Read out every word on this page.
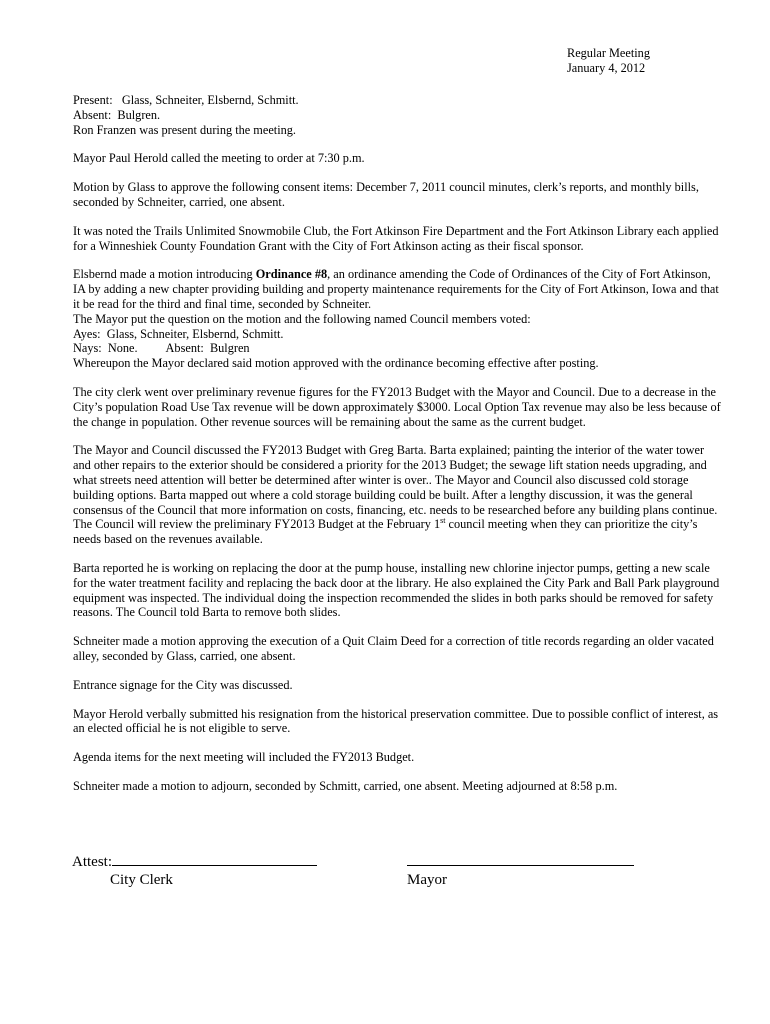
Regular Meeting
January 4, 2012

Present:   Glass, Schneiter, Elsbernd, Schmitt.

Absent:  Bulgren.

Ron Franzen was present during the meeting.

Mayor Paul Herold called the meeting to order at 7:30 p.m.

Motion by Glass to approve the following consent items: December 7, 2011 council minutes, clerk’s reports, and monthly bills, seconded by Schneiter, carried, one absent.

It was noted the Trails Unlimited Snowmobile Club, the Fort Atkinson Fire Department and the Fort Atkinson Library each applied for a Winneshiek County Foundation Grant with the City of Fort Atkinson acting as their fiscal sponsor.

Elsbernd made a motion introducing Ordinance #8, an ordinance amending the Code of Ordinances of the City of Fort Atkinson, IA by adding a new chapter providing building and property maintenance requirements for the City of Fort Atkinson, Iowa and that it be read for the third and final time, seconded by Schneiter.

The Mayor put the question on the motion and the following named Council members voted:

Ayes:  Glass, Schneiter, Elsbernd, Schmitt.

Nays:  None. Absent:  Bulgren

Whereupon the Mayor declared said motion approved with the ordinance becoming effective after posting.

The city clerk went over preliminary revenue figures for the FY2013 Budget with the Mayor and Council. Due to a decrease in the City’s population Road Use Tax revenue will be down approximately $3000. Local Option Tax revenue may also be less because of the change in population. Other revenue sources will be remaining about the same as the current budget.

The Mayor and Council discussed the FY2013 Budget with Greg Barta. Barta explained; painting the interior of the water tower and other repairs to the exterior should be considered a priority for the 2013 Budget; the sewage lift station needs upgrading, and what streets need attention will better be determined after winter is over.. The Mayor and Council also discussed cold storage building options. Barta mapped out where a cold storage building could be built. After a lengthy discussion, it was the general consensus of the Council that more information on costs, financing, etc. needs to be researched before any building plans continue. The Council will review the preliminary FY2013 Budget at the February 1st council meeting when they can prioritize the city’s needs based on the revenues available.

Barta reported he is working on replacing the door at the pump house, installing new chlorine injector pumps, getting a new scale for the water treatment facility and replacing the back door at the library. He also explained the City Park and Ball Park playground equipment was inspected. The individual doing the inspection recommended the slides in both parks should be removed for safety reasons. The Council told Barta to remove both slides.

Schneiter made a motion approving the execution of a Quit Claim Deed for a correction of title records regarding an older vacated alley, seconded by Glass, carried, one absent.

Entrance signage for the City was discussed.

Mayor Herold verbally submitted his resignation from the historical preservation committee. Due to possible conflict of interest, as an elected official he is not eligible to serve.

Agenda items for the next meeting will included the FY2013 Budget.

Schneiter made a motion to adjourn, seconded by Schmitt, carried, one absent. Meeting adjourned at 8:58 p.m.

Attest:
City Clerk	Mayor
